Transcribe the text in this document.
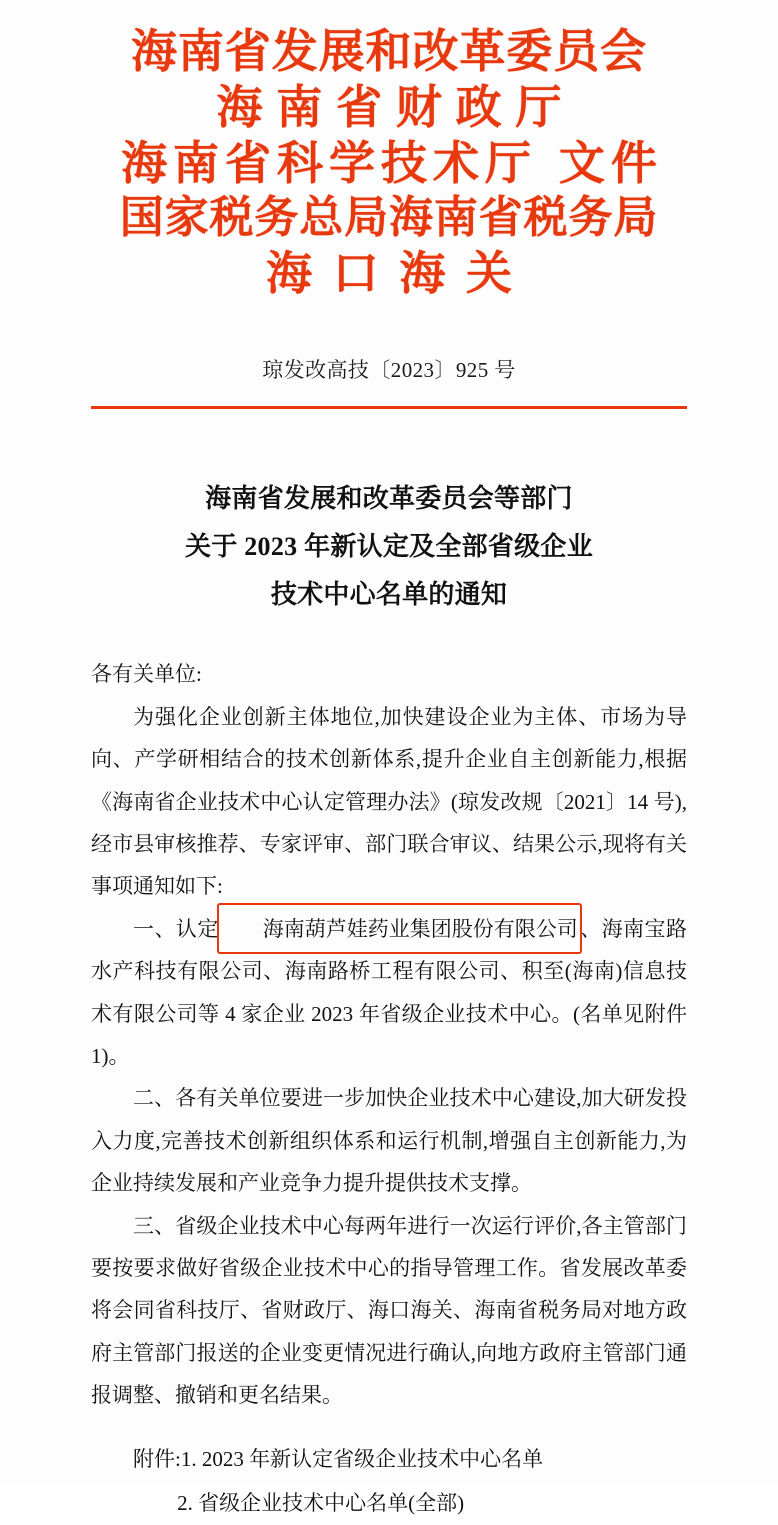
海南省发展和改革委员会
海南省财政厅
海南省科学技术厅 文件
国家税务总局海南省税务局
海口海关
琼发改高技〔2023〕925 号
海南省发展和改革委员会等部门
关于 2023 年新认定及全部省级企业
技术中心名单的通知

各有关单位:

为强化企业创新主体地位,加快建设企业为主体、市场为导向、产学研相结合的技术创新体系,提升企业自主创新能力,根据《海南省企业技术中心认定管理办法》(琼发改规〔2021〕14 号),经市县审核推荐、专家评审、部门联合审议、结果公示,现将有关事项通知如下:

一、认定 海南葫芦娃药业集团股份有限公司、海南宝路水产科技有限公司、海南路桥工程有限公司、积至(海南)信息技术有限公司等 4 家企业 2023 年省级企业技术中心。(名单见附件 1)。

二、各有关单位要进一步加快企业技术中心建设,加大研发投入力度,完善技术创新组织体系和运行机制,增强自主创新能力,为企业持续发展和产业竞争力提升提供技术支撑。

三、省级企业技术中心每两年进行一次运行评价,各主管部门要按要求做好省级企业技术中心的指导管理工作。省发展改革委将会同省科技厅、省财政厅、海口海关、海南省税务局对地方政府主管部门报送的企业变更情况进行确认,向地方政府主管部门通报调整、撤销和更名结果。

附件:1. 2023 年新认定省级企业技术中心名单
2. 省级企业技术中心名单(全部)
